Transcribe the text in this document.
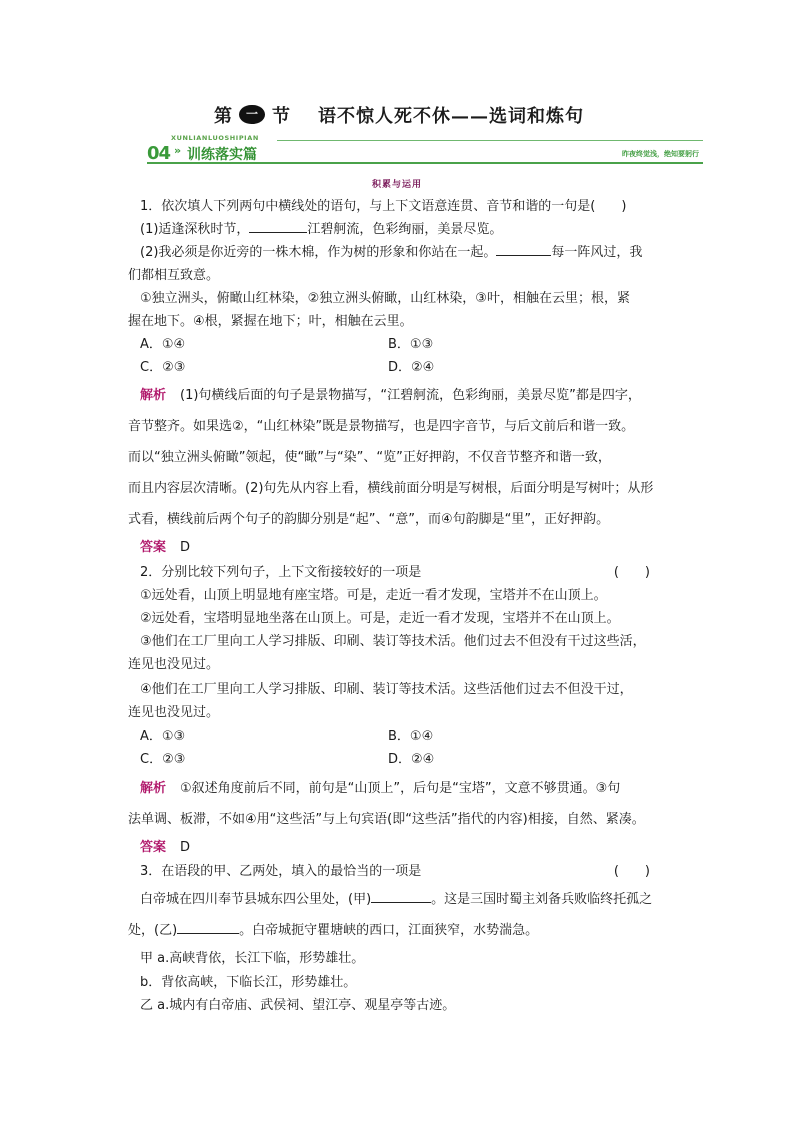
第	一 节 语不惊人死不休——选词和炼句
XUNLIANLUOSHIPIAN
04 » 训练落实篇	昨夜终觉浅，绝知要躬行
积累与运用
1．依次填人下列两句中横线处的语句，与上下文语意连贯、音节和谐的一句是(　　)
(1)适逢深秋时节，	江碧舸流，色彩绚丽，美景尽览。
(2)我必须是你近旁的一株木棉，作为树的形象和你站在一起。	每一阵风过，我
们都相互致意。
①独立洲头，俯瞰山红林染，②独立洲头俯瞰，山红林染，③叶，相触在云里；根，紧
握在地下。④根，紧握在地下；叶，相触在云里。
A．①④	B．①③
C．②③	D．②④
解析 (1)句横线后面的句子是景物描写，“江碧舸流，色彩绚丽，美景尽览”都是四字，
音节整齐。如果选②，“山红林染”既是景物描写，也是四字音节，与后文前后和谐一致。
而以“独立洲头俯瞰”领起，使“瞰”与“染”、“览”正好押韵，不仅音节整齐和谐一致，
而且内容层次清晰。(2)句先从内容上看，横线前面分明是写树根，后面分明是写树叶；从形
式看，横线前后两个句子的韵脚分别是“起”、“意”，而④句韵脚是“里”，正好押韵。
答案 D
2．分别比较下列句子，上下文衔接较好的一项是	(　　)
①远处看，山顶上明显地有座宝塔。可是，走近一看才发现，宝塔并不在山顶上。
②远处看，宝塔明显地坐落在山顶上。可是，走近一看才发现，宝塔并不在山顶上。
③他们在工厂里向工人学习排版、印刷、装订等技术活。他们过去不但没有干过这些活，
连见也没见过。
④他们在工厂里向工人学习排版、印刷、装订等技术活。这些活他们过去不但没干过，
连见也没见过。
A．①③	B．①④
C．②③	D．②④
解析 ①叙述角度前后不同，前句是“山顶上”，后句是“宝塔”，文意不够贯通。③句
法单调、板滞，不如④用“这些活”与上句宾语(即“这些活”指代的内容)相接，自然、紧凑。
答案 D
3．在语段的甲、乙两处，填入的最恰当的一项是	(　　)
白帝城在四川奉节县城东四公里处，(甲)	。这是三国时蜀主刘备兵败临终托孤之
处，(乙)	。白帝城扼守瞿塘峡的西口，江面狭窄，水势湍急。
甲 a.高峡背依，长江下临，形势雄壮。
b．背依高峡，下临长江，形势雄壮。
乙 a.城内有白帝庙、武侯祠、望江亭、观星亭等古迹。
